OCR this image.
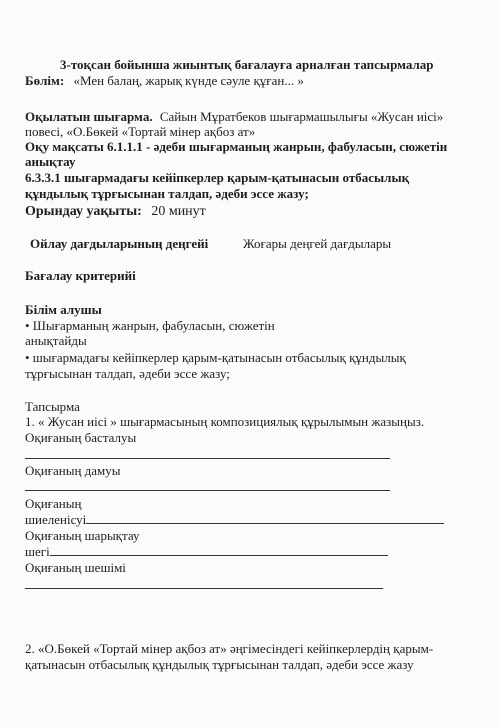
3-тоқсан бойынша жиынтық бағалауға арналған тапсырмалар
Бөлім: «Мен балаң, жарық күнде сәуле құған... »
Оқылатын шығарма. Сайын Мұратбеков шығармашылығы «Жусан иісі»
повесі, «О.Бөкей «Тортай мінер ақбоз ат»
Оқу мақсаты 6.1.1.1 - әдеби шығарманың жанрын, фабуласын, сюжетін
анықтау
6.3.3.1 шығармадағы кейіпкерлер қарым-қатынасын отбасылық
құндылық тұрғысынан талдап, әдеби эссе жазу;
Орындау уақыты: 20 минут
Ойлау дағдыларының деңгейі	Жоғары деңгей дағдылары
Бағалау критерийі
Білім алушы
• Шығарманың жанрын, фабуласын, сюжетін
анықтайды
• шығармадағы кейіпкерлер қарым-қатынасын отбасылық құндылық
тұрғысынан талдап, әдеби эссе жазу;
Тапсырма
1. « Жусан иісі » шығармасының композициялық құрылымын жазыңыз.
Оқиғаның басталуы
Оқиғаның дамуы
Оқиғаның
шиеленісуі
Оқиғаның шарықтау
шегі
Оқиғаның шешімі
2. «О.Бөкей «Тортай мінер ақбоз ат» әңгімесіндегі кейіпкерлердің қарым-
қатынасын отбасылық құндылық тұрғысынан талдап, әдеби эссе жазу
